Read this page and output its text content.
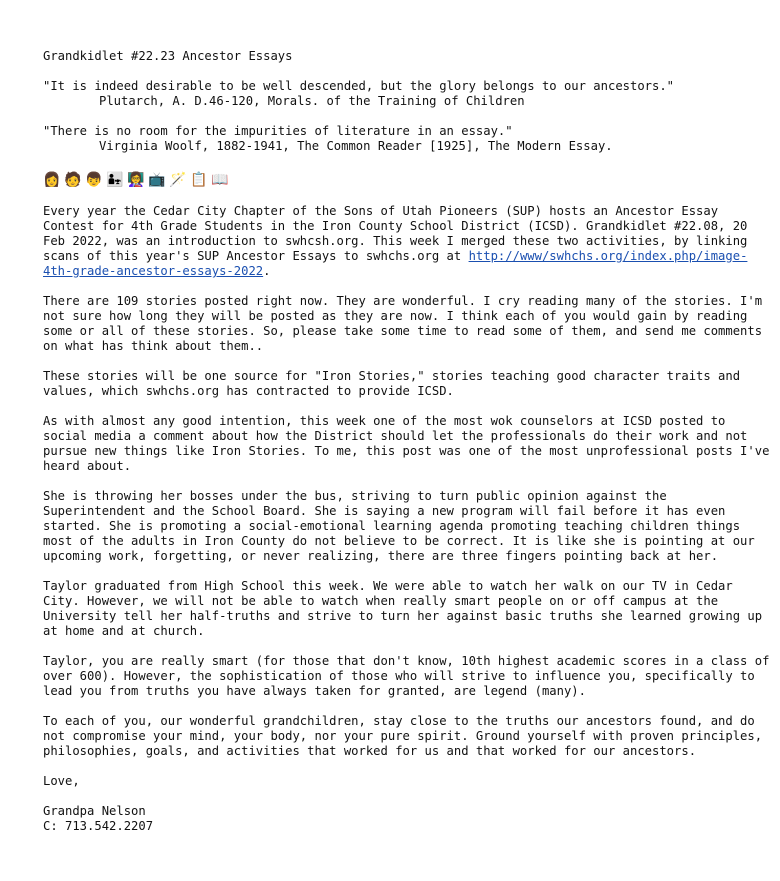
Grandkidlet #22.23 Ancestor Essays
"It is indeed desirable to be well descended, but the glory belongs to our ancestors."
Plutarch, A. D.46-120, Morals. of the Training of Children
"There is no room for the impurities of literature in an essay."
Virginia Woolf, 1882-1941, The Common Reader [1925], The Modern Essay.
👩 🧑 👦 👨‍👧 👩‍🏫 📺 🪄 📋 📖
Every year the Cedar City Chapter of the Sons of Utah Pioneers (SUP) hosts an Ancestor Essay
Contest for 4th Grade Students in the Iron County School District (ICSD). Grandkidlet #22.08, 20
Feb 2022, was an introduction to swhcsh.org. This week I merged these two activities, by linking
scans of this year's SUP Ancestor Essays to swhchs.org at http://www/swhchs.org/index.php/image-
4th-grade-ancestor-essays-2022.
There are 109 stories posted right now. They are wonderful. I cry reading many of the stories. I'm
not sure how long they will be posted as they are now. I think each of you would gain by reading
some or all of these stories. So, please take some time to read some of them, and send me comments
on what has think about them..
These stories will be one source for "Iron Stories," stories teaching good character traits and
values, which swhchs.org has contracted to provide ICSD.
As with almost any good intention, this week one of the most wok counselors at ICSD posted to
social media a comment about how the District should let the professionals do their work and not
pursue new things like Iron Stories. To me, this post was one of the most unprofessional posts I've
heard about.
She is throwing her bosses under the bus, striving to turn public opinion against the
Superintendent and the School Board. She is saying a new program will fail before it has even
started. She is promoting a social-emotional learning agenda promoting teaching children things
most of the adults in Iron County do not believe to be correct. It is like she is pointing at our
upcoming work, forgetting, or never realizing, there are three fingers pointing back at her.
Taylor graduated from High School this week. We were able to watch her walk on our TV in Cedar
City. However, we will not be able to watch when really smart people on or off campus at the
University tell her half-truths and strive to turn her against basic truths she learned growing up
at home and at church.
Taylor, you are really smart (for those that don't know, 10th highest academic scores in a class of
over 600). However, the sophistication of those who will strive to influence you, specifically to
lead you from truths you have always taken for granted, are legend (many).
To each of you, our wonderful grandchildren, stay close to the truths our ancestors found, and do
not compromise your mind, your body, nor your pure spirit. Ground yourself with proven principles,
philosophies, goals, and activities that worked for us and that worked for our ancestors.
Love,
Grandpa Nelson
C: 713.542.2207
